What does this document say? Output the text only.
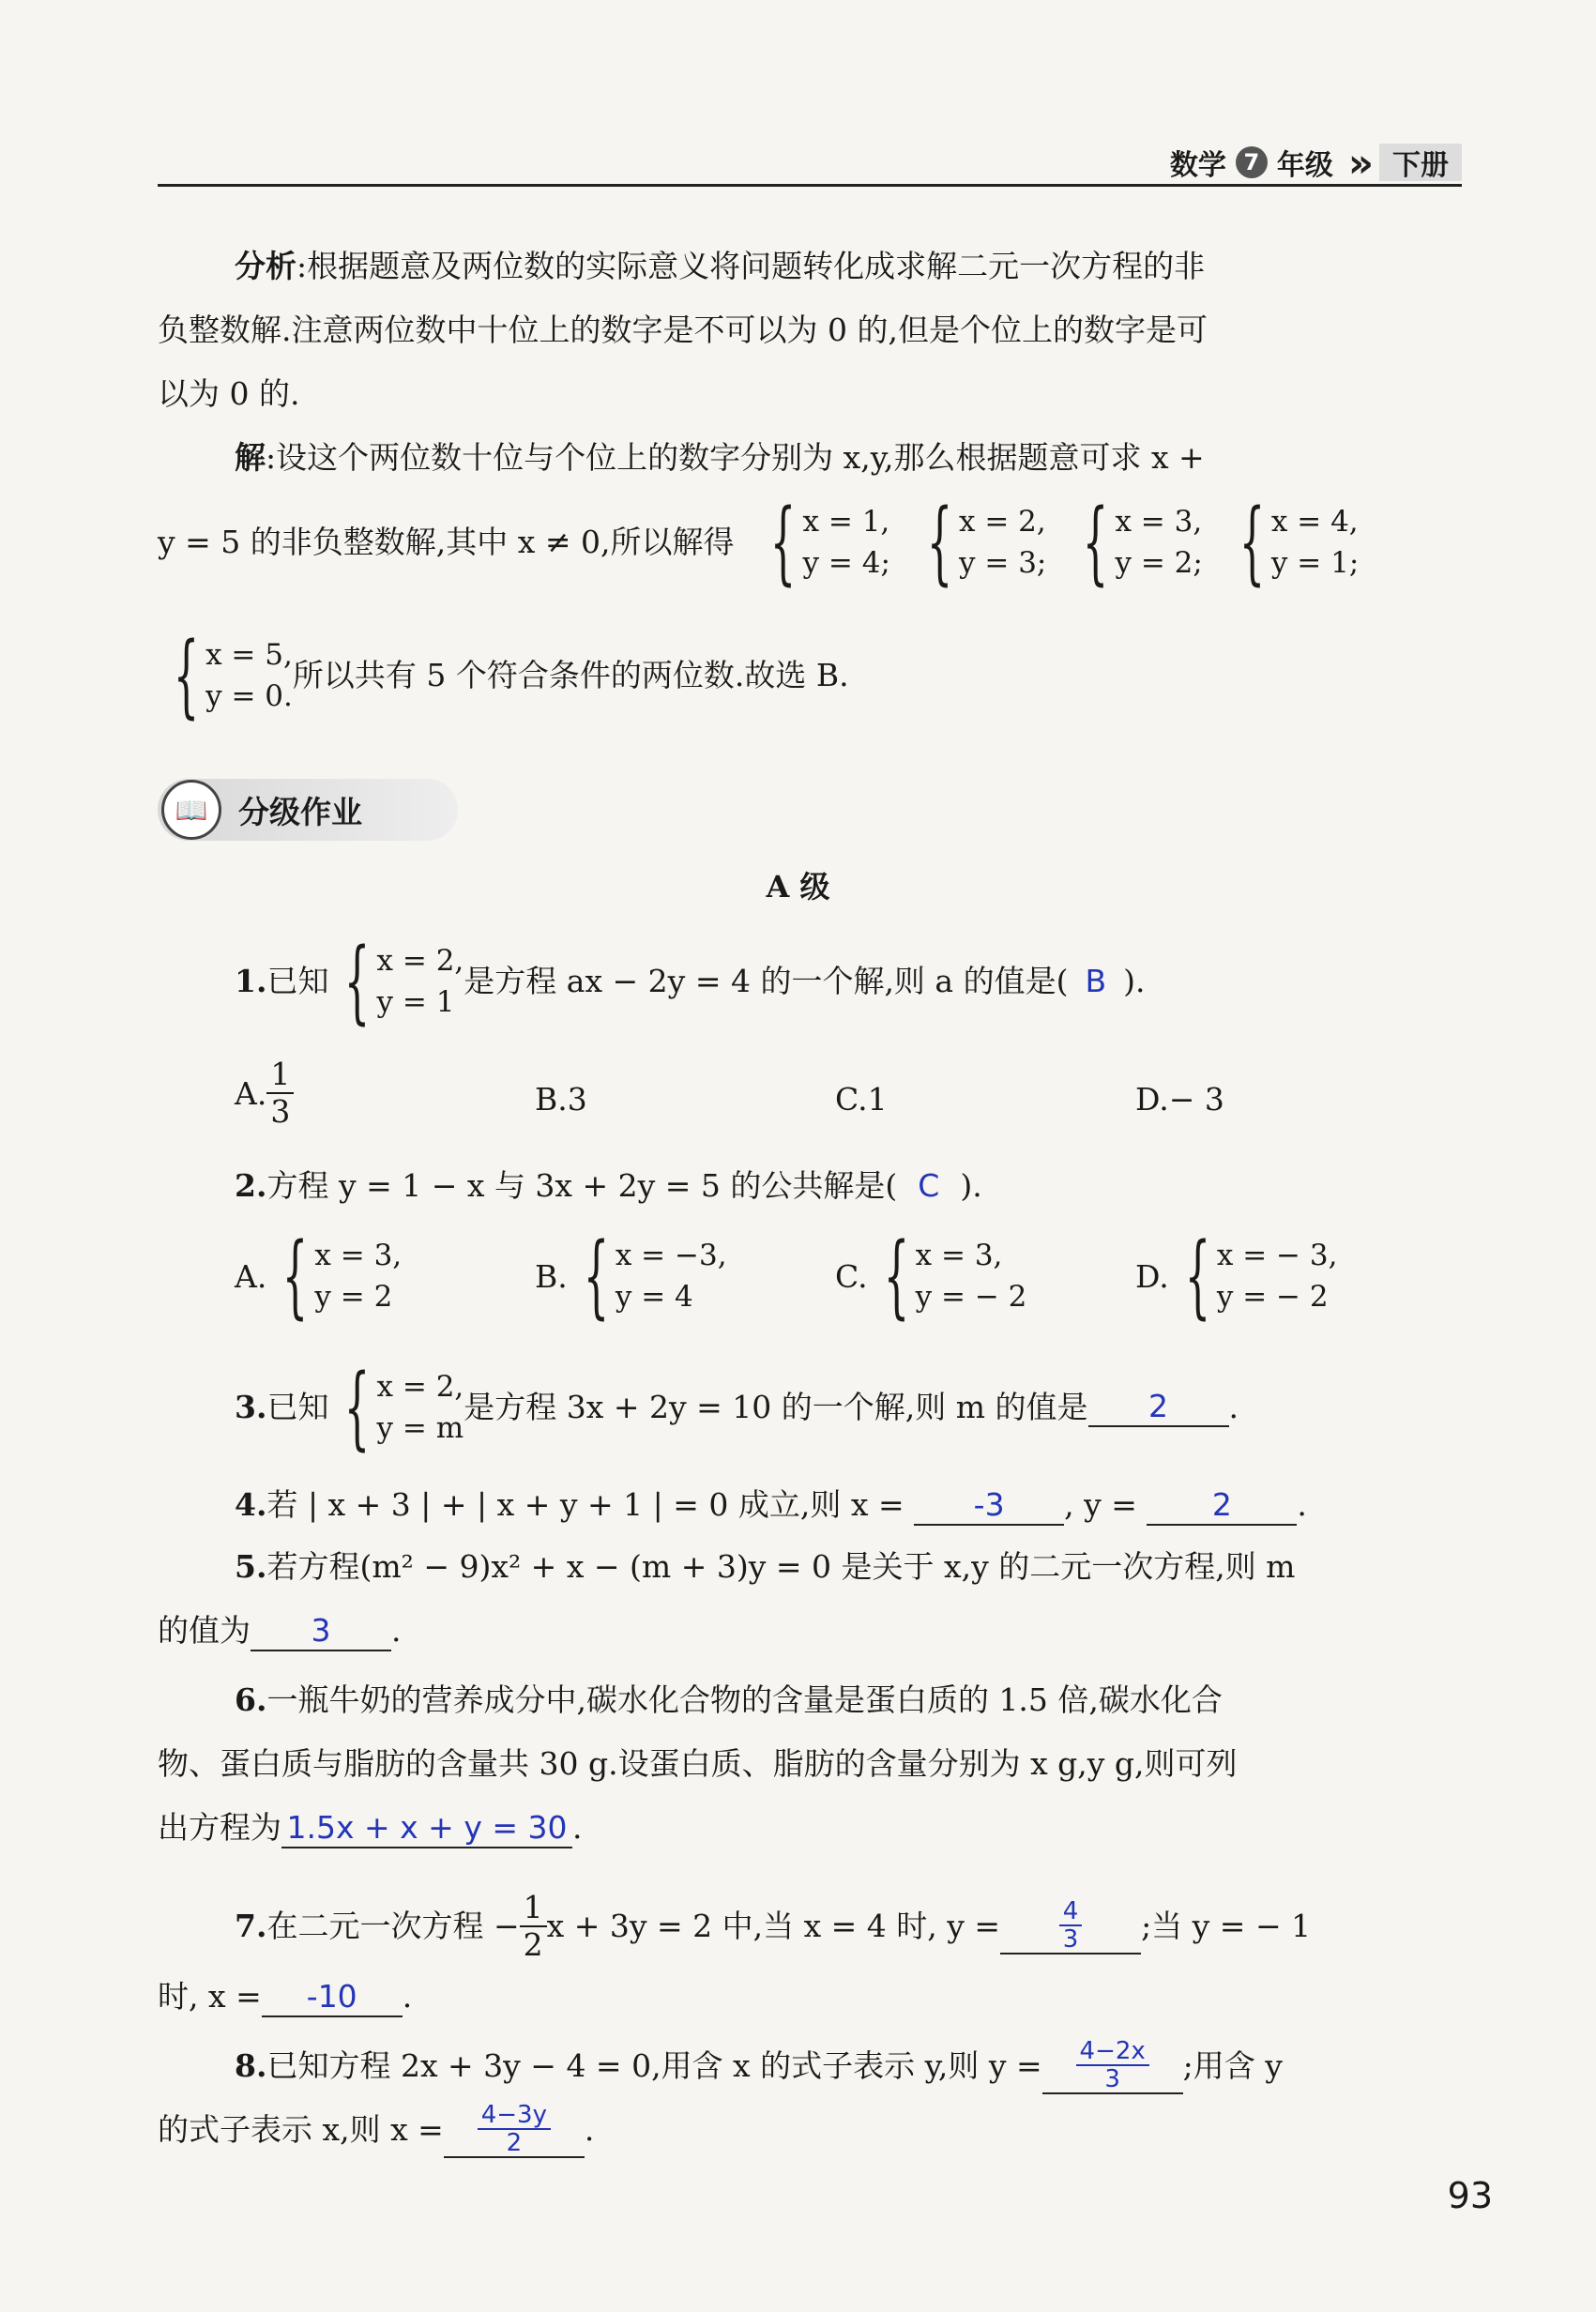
数学 7 年级 »	下册
分析:根据题意及两位数的实际意义将问题转化成求解二元一次方程的非
负整数解.注意两位数中十位上的数字是不可以为 0 的,但是个位上的数字是可
以为 0 的.
解:设这个两位数十位与个位上的数字分别为 x,y,那么根据题意可求 x +
y = 5 的非负整数解,其中 x ≠ 0,所以解得 { x = 1,
y = 4; { x = 2,
y = 3; { x = 3,
y = 2; { x = 4,
y = 1;
{ x = 5,
y = 0.
所以共有 5 个符合条件的两位数.故选 B.
📖 分级作业
A 级
1. 已知 { x = 2,
y = 1
是方程 ax − 2y = 4 的一个解,则 a 的值是( B ).
A. $\frac{1}{3}$	B.3	C.1	D.− 3
2.方程 y = 1 − x 与 3x + 2y = 5 的公共解是( C ).
A. { x = 3,
y = 2
B. { x = −3,
y = 4
C. { x = 3,
y = − 2
D. { x = − 3,
y = − 2
3. 已知 { x = 2,
y = m
是方程 3x + 2y = 10 的一个解,则 m 的值是	2	.
4.若 | x + 3 | + | x + y + 1 | = 0 成立,则 x = -3 , y = 2 .
5.若方程(m² − 9)x² + x − (m + 3)y = 0 是关于 x,y 的二元一次方程,则 m
的值为 3 .
6.一瓶牛奶的营养成分中,碳水化合物的含量是蛋白质的 1.5 倍,碳水化合
物、蛋白质与脂肪的含量共 30 g.设蛋白质、脂肪的含量分别为 x g,y g,则可列
出方程为 1.5x + x + y = 30 .
7. 在二元一次方程 − $\frac{1}{2}$ x + 3y = 2 中,当 x = 4 时, $y = \frac{4}{3}$ ;当 y = − 1
时, x = -10 .
8. 已知方程 2x + 3y − 4 = 0,用含 x 的式子表示 y,则 $y = \frac{4-2x}{3}$ ;用含 y
的式子表示 x,则 $x = \frac{4-3y}{2}$ .
93
